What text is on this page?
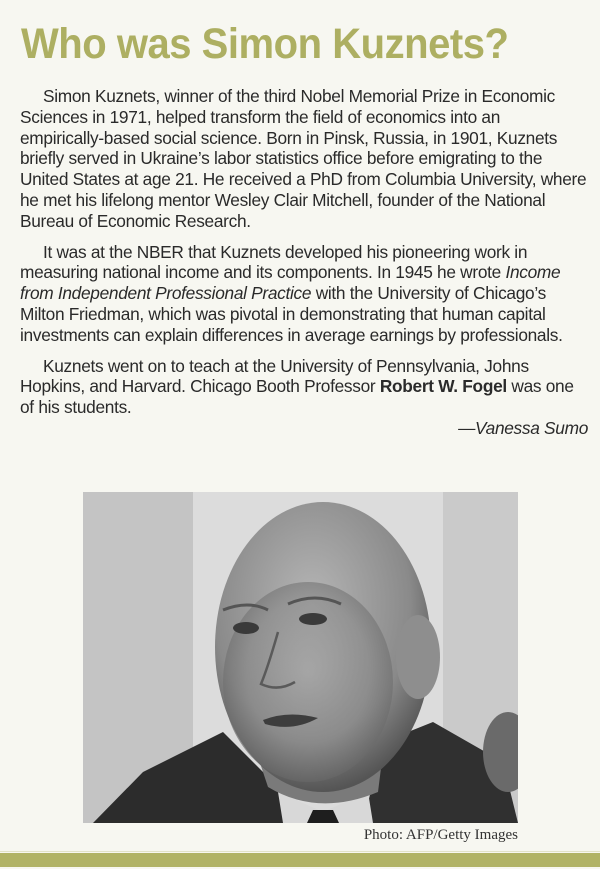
Who was Simon Kuznets?

Simon Kuznets, winner of the third Nobel Memorial Prize in Economic Sciences in 1971, helped transform the field of economics into an empirically-based social science. Born in Pinsk, Russia, in 1901, Kuznets briefly served in Ukraine’s labor statistics office before emigrating to the United States at age 21. He received a PhD from Columbia University, where he met his lifelong mentor Wesley Clair Mitchell, founder of the National Bureau of Economic Research.

It was at the NBER that Kuznets developed his pioneering work in measuring national income and its components. In 1945 he wrote Income from Independent Professional Practice with the University of Chicago’s Milton Friedman, which was pivotal in demonstrating that human capital investments can explain differences in average earnings by professionals.

Kuznets went on to teach at the University of Pennsylvania, Johns Hopkins, and Harvard. Chicago Booth Professor Robert W. Fogel was one of his students.

—Vanessa Sumo
Photo: AFP/Getty Images
